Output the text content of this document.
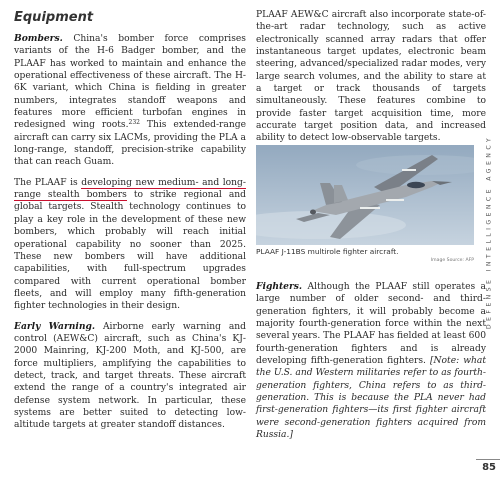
Equipment

Bombers. China's bomber force comprises variants of the H-6 Badger bomber, and the PLAAF has worked to maintain and enhance the operational effectiveness of these aircraft. The H-6K variant, which China is fielding in greater numbers, integrates standoff weapons and features more efficient turbofan engines in redesigned wing roots.$^{232}$ This extended-range aircraft can carry six LACMs, providing the PLA a long-range, standoff, precision-strike capability that can reach Guam.

The PLAAF is developing new medium- and long-range stealth bombers to strike regional and global targets. Stealth technology continues to play a key role in the development of these new bombers, which probably will reach initial operational capability no sooner than 2025. These new bombers will have additional capabilities, with full-spectrum upgrades compared with current operational bomber fleets, and will employ many fifth-generation fighter technologies in their design.

Early Warning. Airborne early warning and control (AEW&C) aircraft, such as China's KJ-2000 Mainring, KJ-200 Moth, and KJ-500, are force multipliers, amplifying the capabilities to detect, track, and target threats. These aircraft extend the range of a country's integrated air defense system network. In particular, these systems are better suited to detecting low-altitude targets at greater standoff distances.

PLAAF AEW&C aircraft also incorporate state-of-the-art radar technology, such as active electronically scanned array radars that offer instantaneous target updates, electronic beam steering, advanced/specialized radar modes, very large search volumes, and the ability to stare at a target or track thousands of targets simultaneously. These features combine to provide faster target acquisition time, more accurate target position data, and increased ability to detect low-observable targets.

PLAAF J-11BS multirole fighter aircraft.
Image Source: AFP

Fighters. Although the PLAAF still operates a large number of older second- and third-generation fighters, it will probably become a majority fourth-generation force within the next several years. The PLAAF has fielded at least 600 fourth-generation fighters and is already developing fifth-generation fighters. [Note: what the U.S. and Western militaries refer to as fourth-generation fighters, China refers to as third-generation. This is because the PLA never had first-generation fighters—its first fighter aircraft were second-generation fighters acquired from Russia.]

DEFENSE INTELLIGENCE AGENCY
85
